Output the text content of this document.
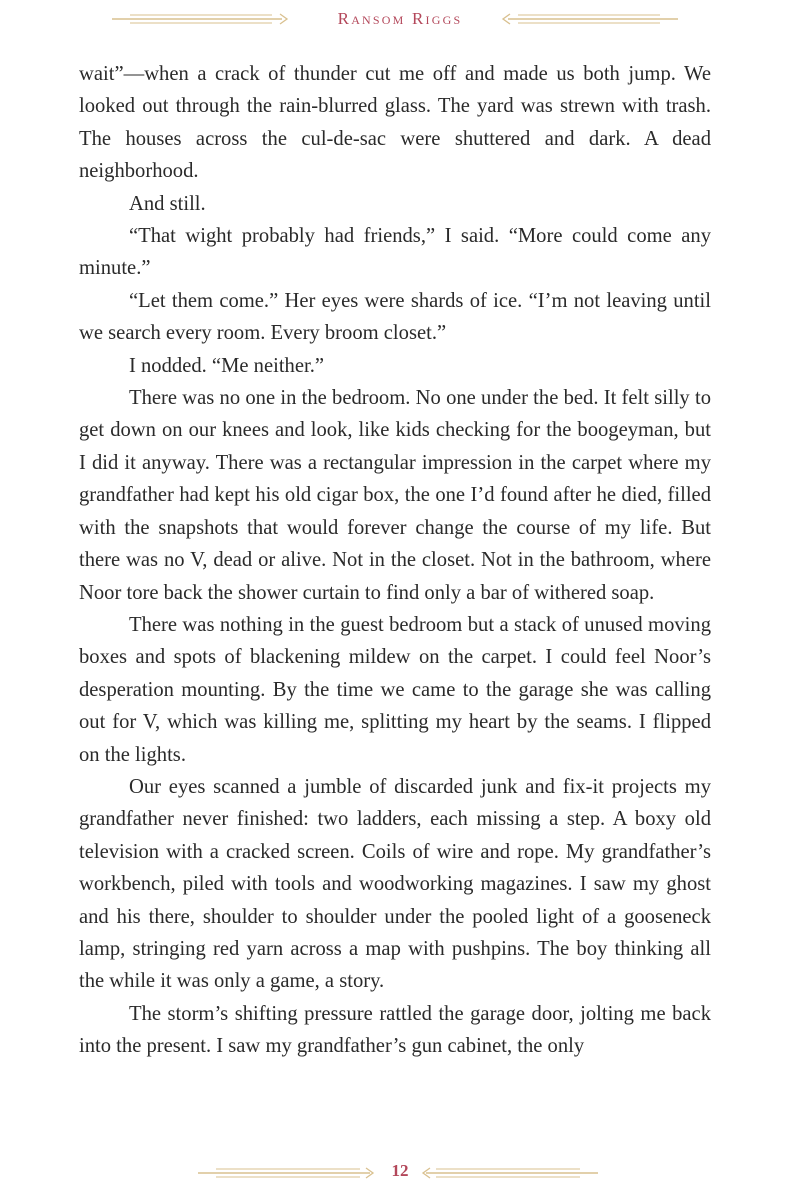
Ransom Riggs

wait”—when a crack of thunder cut me off and made us both jump. We looked out through the rain-blurred glass. The yard was strewn with trash. The houses across the cul-de-sac were shuttered and dark. A dead neighborhood.

And still.

“That wight probably had friends,” I said. “More could come any minute.”

“Let them come.” Her eyes were shards of ice. “I’m not leaving until we search every room. Every broom closet.”

I nodded. “Me neither.”

There was no one in the bedroom. No one under the bed. It felt silly to get down on our knees and look, like kids checking for the boogeyman, but I did it anyway. There was a rectangular impression in the carpet where my grandfather had kept his old cigar box, the one I’d found after he died, filled with the snapshots that would forever change the course of my life. But there was no V, dead or alive. Not in the closet. Not in the bathroom, where Noor tore back the shower curtain to find only a bar of withered soap.

There was nothing in the guest bedroom but a stack of unused moving boxes and spots of blackening mildew on the carpet. I could feel Noor’s desperation mounting. By the time we came to the garage she was calling out for V, which was killing me, splitting my heart by the seams. I flipped on the lights.

Our eyes scanned a jumble of discarded junk and fix-it projects my grandfather never finished: two ladders, each missing a step. A boxy old television with a cracked screen. Coils of wire and rope. My grandfather’s workbench, piled with tools and woodworking magazines. I saw my ghost and his there, shoulder to shoulder under the pooled light of a gooseneck lamp, stringing red yarn across a map with pushpins. The boy thinking all the while it was only a game, a story.

The storm’s shifting pressure rattled the garage door, jolting me back into the present. I saw my grandfather’s gun cabinet, the only

12
